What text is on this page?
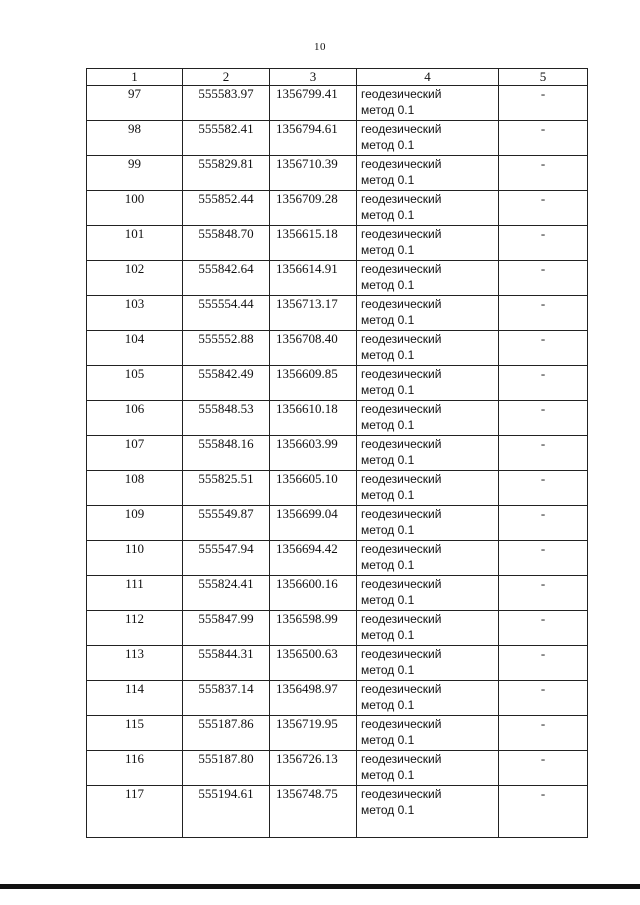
10
1	2	3	4	5
97	555583.97	1356799.41	геодезический
метод 0.1	-
98	555582.41	1356794.61	геодезический
метод 0.1	-
99	555829.81	1356710.39	геодезический
метод 0.1	-
100	555852.44	1356709.28	геодезический
метод 0.1	-
101	555848.70	1356615.18	геодезический
метод 0.1	-
102	555842.64	1356614.91	геодезический
метод 0.1	-
103	555554.44	1356713.17	геодезический
метод 0.1	-
104	555552.88	1356708.40	геодезический
метод 0.1	-
105	555842.49	1356609.85	геодезический
метод 0.1	-
106	555848.53	1356610.18	геодезический
метод 0.1	-
107	555848.16	1356603.99	геодезический
метод 0.1	-
108	555825.51	1356605.10	геодезический
метод 0.1	-
109	555549.87	1356699.04	геодезический
метод 0.1	-
110	555547.94	1356694.42	геодезический
метод 0.1	-
111	555824.41	1356600.16	геодезический
метод 0.1	-
112	555847.99	1356598.99	геодезический
метод 0.1	-
113	555844.31	1356500.63	геодезический
метод 0.1	-
114	555837.14	1356498.97	геодезический
метод 0.1	-
115	555187.86	1356719.95	геодезический
метод 0.1	-
116	555187.80	1356726.13	геодезический
метод 0.1	-
117	555194.61	1356748.75	геодезический
метод 0.1	-
